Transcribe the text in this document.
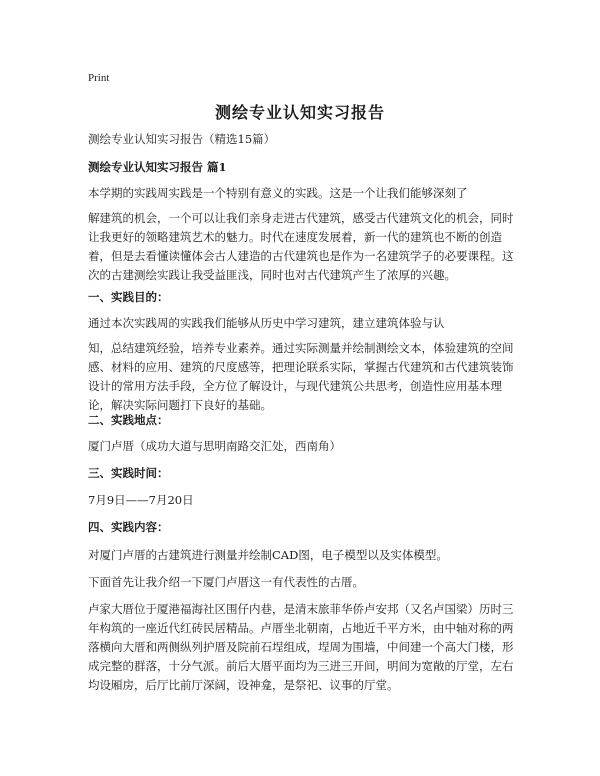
Print
测绘专业认知实习报告

测绘专业认知实习报告（精选15篇）

测绘专业认知实习报告 篇1

本学期的实践周实践是一个特别有意义的实践。这是一个让我们能够深刻了

解建筑的机会，一个可以让我们亲身走进古代建筑，感受古代建筑文化的机会，同时让我更好的领略建筑艺术的魅力。时代在速度发展着，新一代的建筑也不断的创造着，但是去看懂读懂体会古人建造的古代建筑也是作为一名建筑学子的必要课程。这次的古建测绘实践让我受益匪浅，同时也对古代建筑产生了浓厚的兴趣。

一、实践目的：

通过本次实践周的实践我们能够从历史中学习建筑，建立建筑体验与认

知，总结建筑经验，培养专业素养。通过实际测量并绘制测绘文本，体验建筑的空间感、材料的应用、建筑的尺度感等，把理论联系实际，掌握古代建筑和古代建筑装饰设计的常用方法手段，全方位了解设计，与现代建筑公共思考，创造性应用基本理论，解决实际问题打下良好的基础。

二、实践地点：

厦门卢厝（成功大道与思明南路交汇处，西南角）

三、实践时间：

7月9日——7月20日

四、实践内容：

对厦门卢厝的古建筑进行测量并绘制CAD图，电子模型以及实体模型。

下面首先让我介绍一下厦门卢厝这一有代表性的古厝。

卢家大厝位于厦港福海社区围仔内巷，是清末旅菲华侨卢安邦（又名卢国梁）历时三年构筑的一座近代红砖民居精品。卢厝坐北朝南，占地近千平方米，由中轴对称的两落横向大厝和两侧纵列护厝及院前石埕组成，埕周为围墙，中间建一个高大门楼，形成完整的群落，十分气派。前后大厝平面均为三进三开间，明间为宽敞的厅堂，左右均设厢房，后厅比前厅深阔，设神龛，是祭祀、议事的厅堂。
